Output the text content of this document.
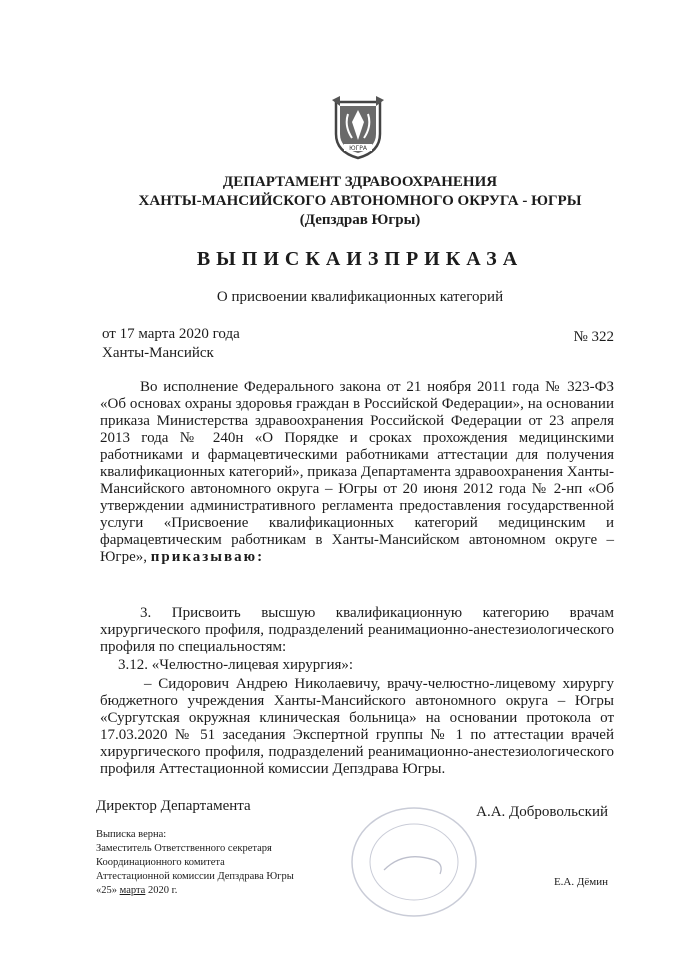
ЮГРА
ДЕПАРТАМЕНТ ЗДРАВООХРАНЕНИЯ
ХАНТЫ-МАНСИЙСКОГО АВТОНОМНОГО ОКРУГА - ЮГРЫ
(Депздрав Югры)
ВЫПИСКАИЗПРИКАЗА
О присвоении квалификационных категорий
от 17 марта 2020 года
Ханты-Мансийск
№ 322
Во исполнение Федерального закона от 21 ноября 2011 года № 323-ФЗ «Об основах охраны здоровья граждан в Российской Федерации», на основании приказа Министерства здравоохранения Российской Федерации от 23 апреля 2013 года № 240н «О Порядке и сроках прохождения медицинскими работниками и фармацевтическими работниками аттестации для получения квалификационных категорий», приказа Департамента здравоохранения Ханты-Мансийского автономного округа – Югры от 20 июня 2012 года № 2-нп «Об утверждении административного регламента предоставления государственной услуги «Присвоение квалификационных категорий медицинским и фармацевтическим работникам в Ханты-Мансийском автономном округе – Югре», приказываю:
3. Присвоить высшую квалификационную категорию врачам хирургического профиля, подразделений реанимационно-анестезиологического профиля по специальностям:
3.12. «Челюстно-лицевая хирургия»:
– Сидорович Андрею Николаевичу, врачу-челюстно-лицевому хирургу бюджетного учреждения Ханты-Мансийского автономного округа – Югры «Сургутская окружная клиническая больница» на основании протокола от 17.03.2020 № 51 заседания Экспертной группы № 1 по аттестации врачей хирургического профиля, подразделений реанимационно-анестезиологического профиля Аттестационной комиссии Депздрава Югры.
Директор Департамента	А.А. Добровольский
Выписка верна:
Заместитель Ответственного секретаря
Координационного комитета
Аттестационной комиссии Депздрава Югры
«25» марта 2020 г.
Е.А. Дёмин
